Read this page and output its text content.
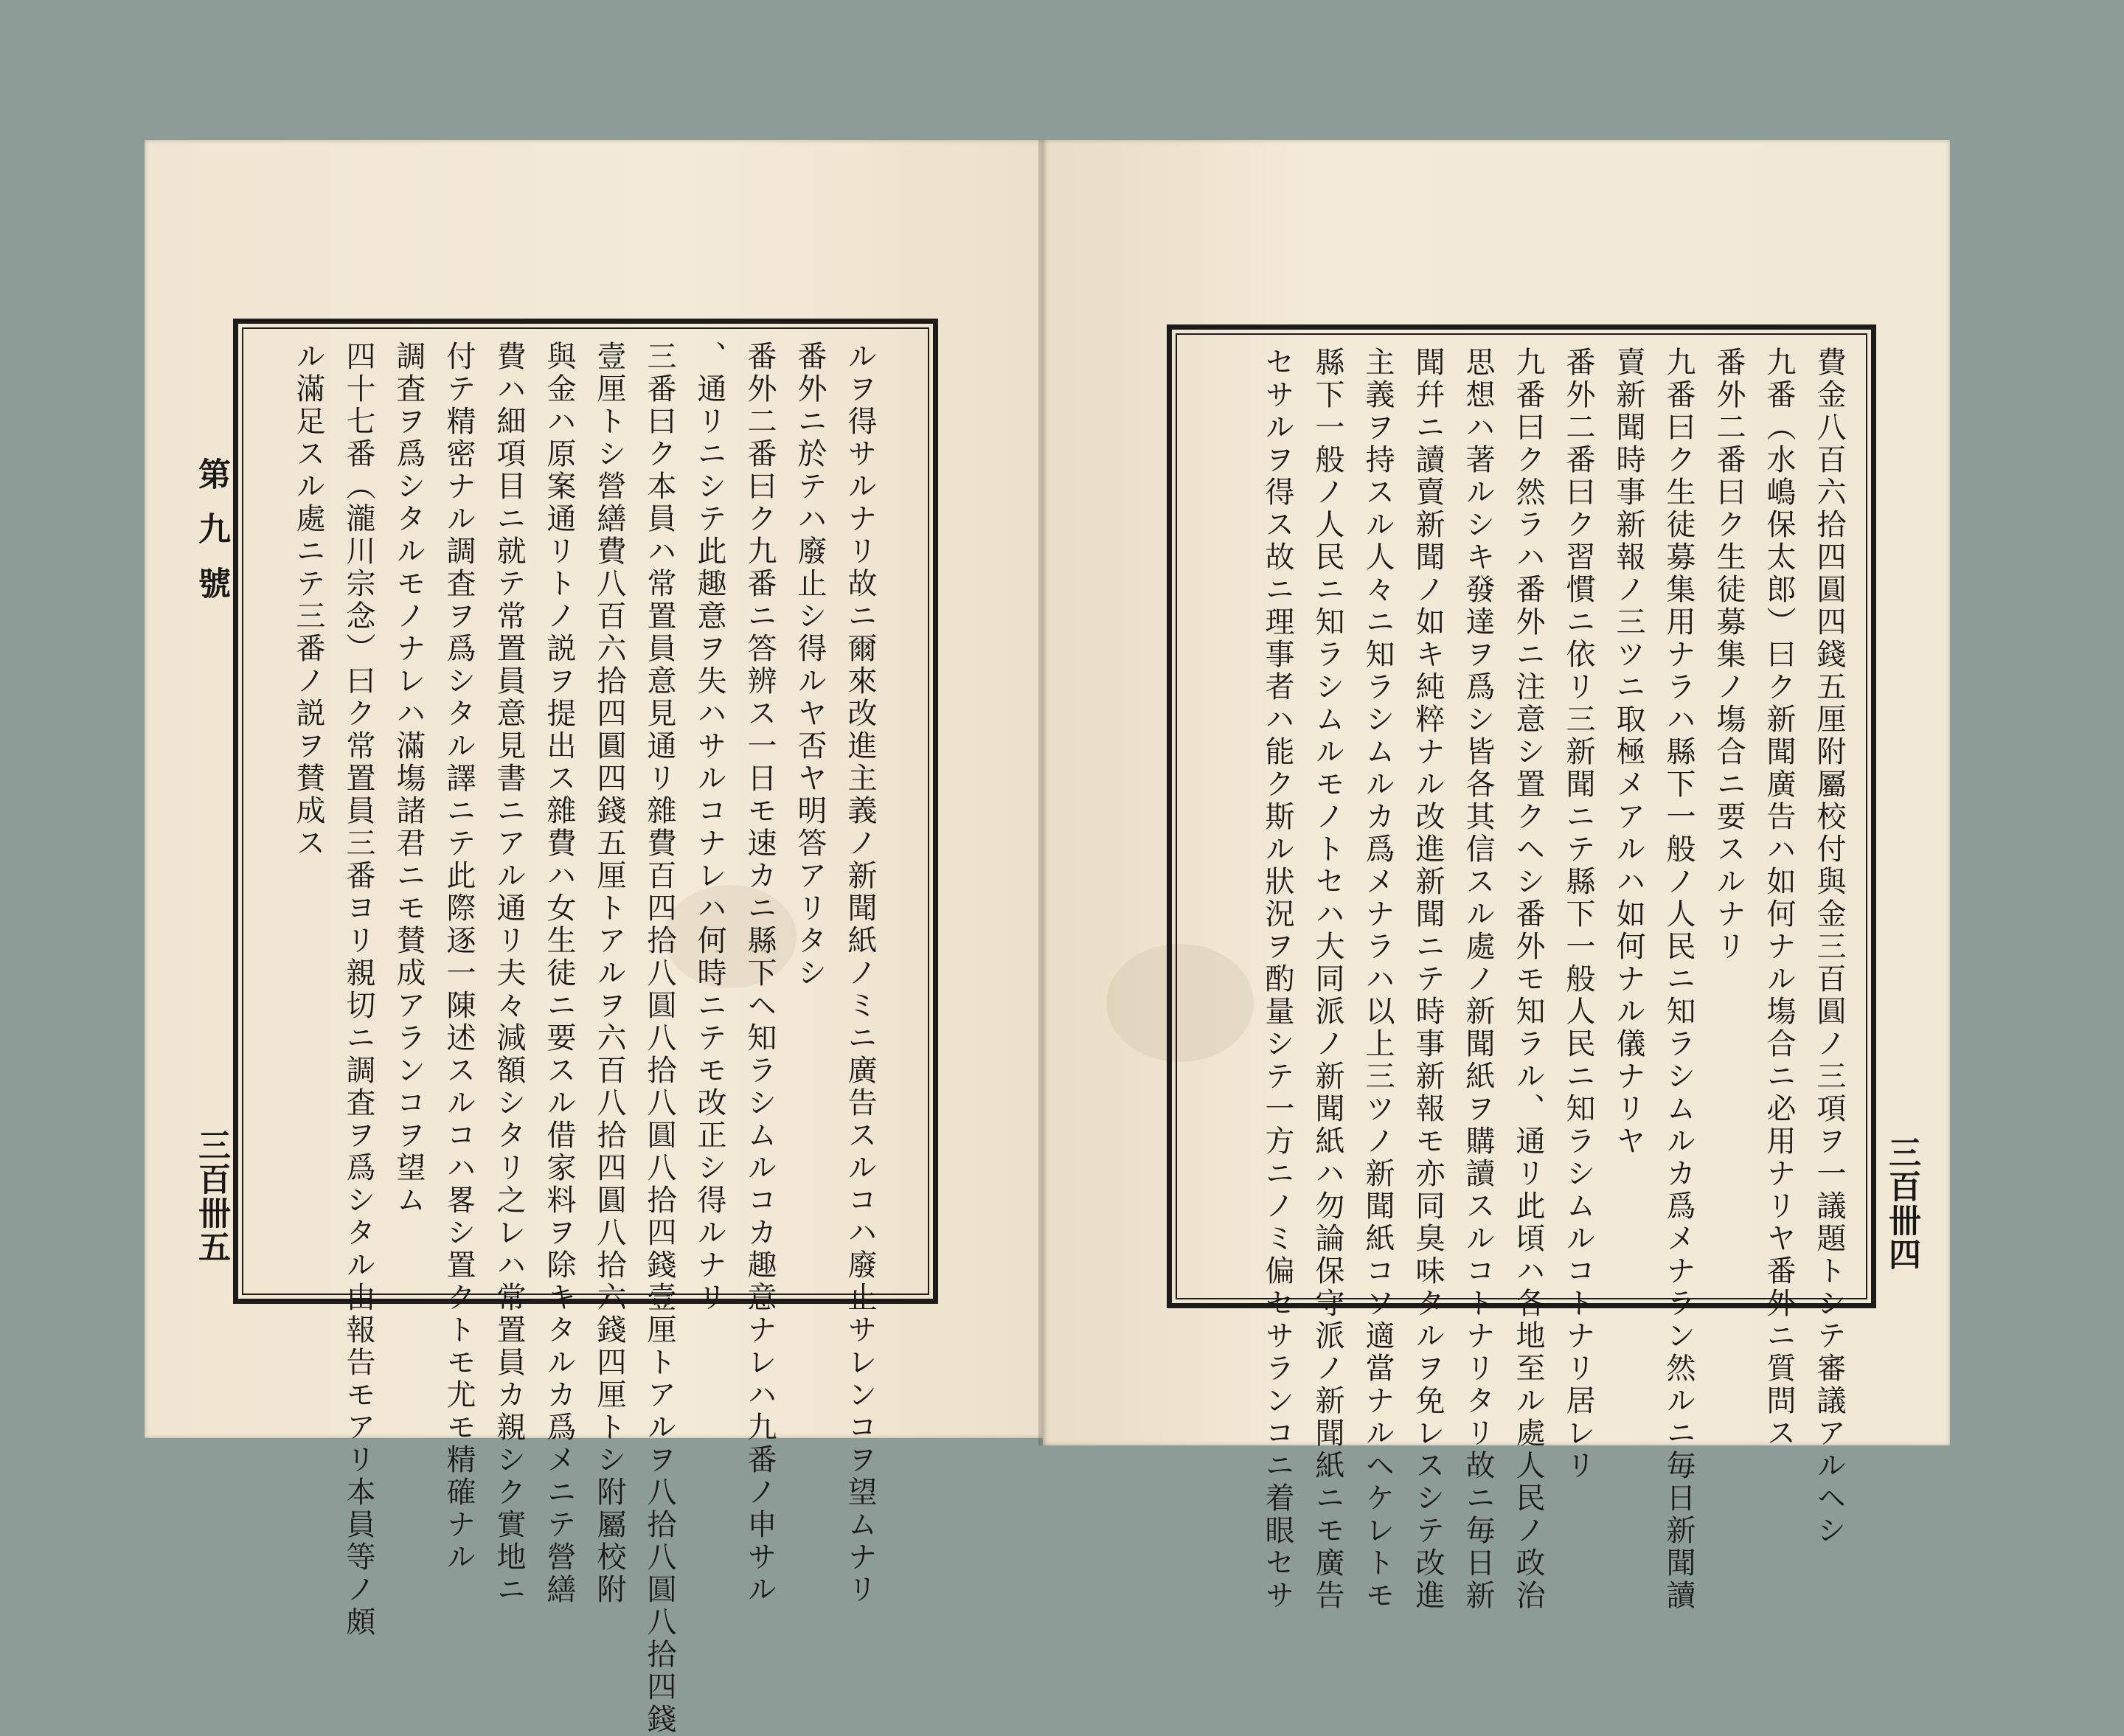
第九號
三百卌五	ルヲ得サルナリ故ニ爾來改進主義ノ新聞紙ノミニ廣告スルコハ廢止サレンコヲ望ムナリ
番外ニ於テハ廢止シ得ルヤ否ヤ明答アリタシ
番外二番曰ク九番ニ答辨ス一日モ速カニ縣下ヘ知ラシムルコカ趣意ナレハ九番ノ申サル
、通リニシテ此趣意ヲ失ハサルコナレハ何時ニテモ改正シ得ルナリ
三番曰ク本員ハ常置員意見通リ雜費百四拾八圓八拾八圓八拾四錢壹厘トアルヲ八拾八圓八拾四錢
壹厘トシ營繕費八百六拾四圓四錢五厘トアルヲ六百八拾四圓八拾六錢四厘トシ附屬校附
與金ハ原案通リトノ説ヲ提出ス雜費ハ女生徒ニ要スル借家料ヲ除キタルカ爲メニテ營繕
費ハ細項目ニ就テ常置員意見書ニアル通リ夫々減額シタリ之レハ常置員カ親シク實地ニ
付テ精密ナル調査ヲ爲シタル譯ニテ此際逐一陳述スルコハ畧シ置クトモ尤モ精確ナル
調査ヲ爲シタルモノナレハ滿塲諸君ニモ賛成アランコヲ望ム
四十七番（瀧川宗念）曰ク常置員三番ヨリ親切ニ調査ヲ爲シタル由報告モアリ本員等ノ頗
ル滿足スル處ニテ三番ノ説ヲ賛成ス
三百卌四
費金八百六拾四圓四錢五厘附屬校付與金三百圓ノ三項ヲ一議題トシテ審議アルヘシ
九番（水嶋保太郎）曰ク新聞廣告ハ如何ナル塲合ニ必用ナリヤ番外ニ質問ス
番外二番曰ク生徒募集ノ塲合ニ要スルナリ
九番曰ク生徒募集用ナラハ縣下一般ノ人民ニ知ラシムルカ爲メナラン然ルニ毎日新聞讀
賣新聞時事新報ノ三ツニ取極メアルハ如何ナル儀ナリヤ
番外二番曰ク習慣ニ依リ三新聞ニテ縣下一般人民ニ知ラシムルコトナリ居レリ
九番曰ク然ラハ番外ニ注意シ置クヘシ番外モ知ラル、通リ此頃ハ各地至ル處人民ノ政治
思想ハ著ルシキ發達ヲ爲シ皆各其信スル處ノ新聞紙ヲ購讀スルコトナリタリ故ニ毎日新
聞幷ニ讀賣新聞ノ如キ純粹ナル改進新聞ニテ時事新報モ亦同臭味タルヲ免レスシテ改進
主義ヲ持スル人々ニ知ラシムルカ爲メナラハ以上三ツノ新聞紙コソ適當ナルヘケレトモ
縣下一般ノ人民ニ知ラシムルモノトセハ大同派ノ新聞紙ハ勿論保守派ノ新聞紙ニモ廣告
セサルヲ得ス故ニ理事者ハ能ク斯ル狀況ヲ酌量シテ一方ニノミ偏セサランコニ着眼セサ
